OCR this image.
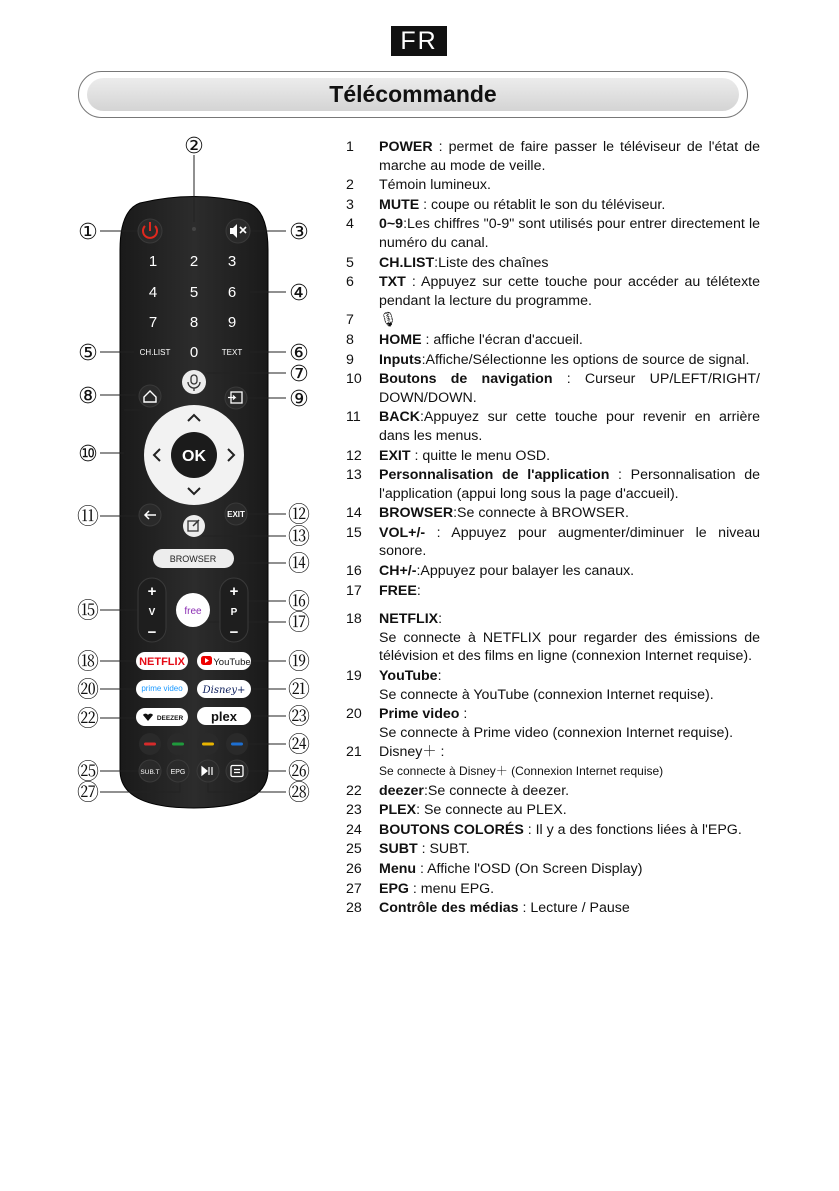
FR
Télécommande
①
②
③
④
⑤	⑥
⑦
⑧	⑨
⑩
⑪	⑫
⑬
⑭
⑮	⑯
⑰
⑱	⑲
⑳	㉑
㉒	㉓
㉔
㉕	㉖
㉗	㉘
1 2 3
4 5 6
7 8 9
0
CH.LIST	TEXT
OK
EXIT
BROWSER
+
V
−
+
P
−
free
NETFLIX	YouTube
prime video Disney+
DEEZER plex
SUB.T EPG
1	POWER : permet de faire passer le téléviseur de l'état de marche au mode de veille.
2	Témoin lumineux.
3	MUTE : coupe ou rétablit le son du téléviseur.
4	0~9:Les chiffres "0-9" sont utilisés pour entrer directement le numéro du canal.
5	CH.LIST:Liste des chaînes
6	TXT : Appuyez sur cette touche pour accéder au télétexte pendant la lecture du programme.
7	🎙
8	HOME : affiche l'écran d'accueil.
9	Inputs:Affiche/Sélectionne les options de source de signal.
10	Boutons de navigation : Curseur UP/LEFT/RIGHT/ DOWN/DOWN.
11	BACK:Appuyez sur cette touche pour revenir en arrière dans les menus.
12	EXIT : quitte le menu OSD.
13	Personnalisation de l'application : Personnalisation de l'application (appui long sous la page d'accueil).
14	BROWSER:Se connecte à BROWSER.
15	VOL+/- : Appuyez pour augmenter/diminuer le niveau sonore.
16	CH+/-:Appuyez pour balayer les canaux.
17	FREE:
18	NETFLIX:
Se connecte à NETFLIX pour regarder des émissions de télévision et des films en ligne (connexion Internet requise).
19	YouTube:
Se connecte à YouTube (connexion Internet requise).
20	Prime video :
Se connecte à Prime video (connexion Internet requise).
21	Disney＋ :
Se connecte à Disney＋ (Connexion Internet requise)
22	deezer:Se connecte à deezer.
23	PLEX: Se connecte au PLEX.
24	BOUTONS COLORÉS : Il y a des fonctions liées à l'EPG.
25	SUBT : SUBT.
26	Menu : Affiche l'OSD (On Screen Display)
27	EPG : menu EPG.
28	Contrôle des médias : Lecture / Pause
